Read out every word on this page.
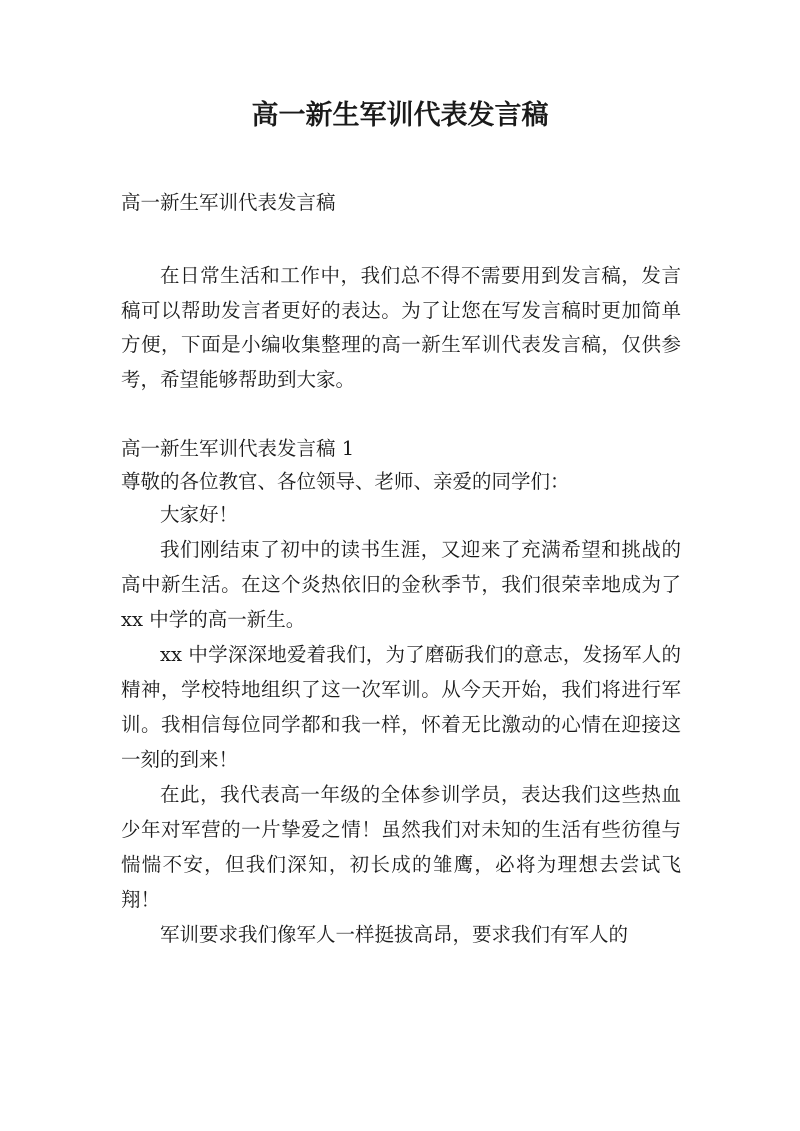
高一新生军训代表发言稿
高一新生军训代表发言稿

在日常生活和工作中，我们总不得不需要用到发言稿，发言稿可以帮助发言者更好的表达。为了让您在写发言稿时更加简单方便，下面是小编收集整理的高一新生军训代表发言稿，仅供参考，希望能够帮助到大家。

高一新生军训代表发言稿 1
尊敬的各位教官、各位领导、老师、亲爱的同学们：

大家好！

我们刚结束了初中的读书生涯，又迎来了充满希望和挑战的高中新生活。在这个炎热依旧的金秋季节，我们很荣幸地成为了 xx 中学的高一新生。

xx 中学深深地爱着我们，为了磨砺我们的意志，发扬军人的精神，学校特地组织了这一次军训。从今天开始，我们将进行军训。我相信每位同学都和我一样，怀着无比激动的心情在迎接这一刻的到来！

在此，我代表高一年级的全体参训学员，表达我们这些热血少年对军营的一片挚爱之情！虽然我们对未知的生活有些彷徨与惴惴不安，但我们深知，初长成的雏鹰，必将为理想去尝试飞翔！

军训要求我们像军人一样挺拔高昂，要求我们有军人的
